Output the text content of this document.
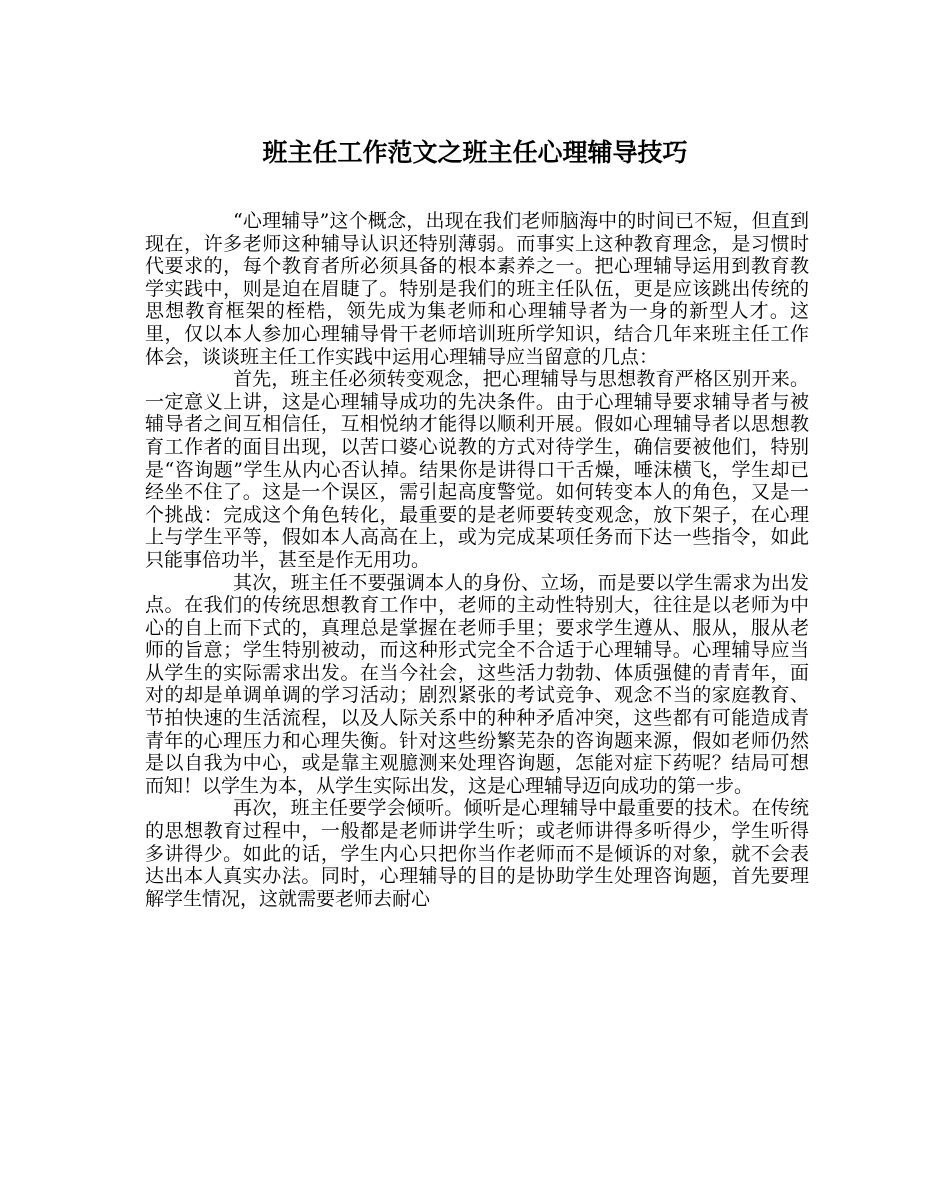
班主任工作范文之班主任心理辅导技巧

“心理辅导”这个概念，出现在我们老师脑海中的时间已不短，但直到现在，许多老师这种辅导认识还特别薄弱。而事实上这种教育理念，是习惯时代要求的，每个教育者所必须具备的根本素养之一。把心理辅导运用到教育教学实践中，则是迫在眉睫了。特别是我们的班主任队伍，更是应该跳出传统的思想教育框架的桎梏，领先成为集老师和心理辅导者为一身的新型人才。这里，仅以本人参加心理辅导骨干老师培训班所学知识，结合几年来班主任工作体会，谈谈班主任工作实践中运用心理辅导应当留意的几点：

首先，班主任必须转变观念，把心理辅导与思想教育严格区别开来。一定意义上讲，这是心理辅导成功的先决条件。由于心理辅导要求辅导者与被辅导者之间互相信任，互相悦纳才能得以顺利开展。假如心理辅导者以思想教育工作者的面目出现，以苦口婆心说教的方式对待学生，确信要被他们，特别是“咨询题”学生从内心否认掉。结果你是讲得口干舌燥，唾沫横飞，学生却已经坐不住了。这是一个误区，需引起高度警觉。如何转变本人的角色，又是一个挑战：完成这个角色转化，最重要的是老师要转变观念，放下架子，在心理上与学生平等，假如本人高高在上，或为完成某项任务而下达一些指令，如此只能事倍功半，甚至是作无用功。

其次，班主任不要强调本人的身份、立场，而是要以学生需求为出发点。在我们的传统思想教育工作中，老师的主动性特别大，往往是以老师为中心的自上而下式的，真理总是掌握在老师手里；要求学生遵从、服从，服从老师的旨意；学生特别被动，而这种形式完全不合适于心理辅导。心理辅导应当从学生的实际需求出发。在当今社会，这些活力勃勃、体质强健的青青年，面对的却是单调单调的学习活动；剧烈紧张的考试竞争、观念不当的家庭教育、节拍快速的生活流程，以及人际关系中的种种矛盾冲突，这些都有可能造成青青年的心理压力和心理失衡。针对这些纷繁芜杂的咨询题来源，假如老师仍然是以自我为中心，或是靠主观臆测来处理咨询题，怎能对症下药呢？结局可想而知！以学生为本，从学生实际出发，这是心理辅导迈向成功的第一步。

再次，班主任要学会倾听。倾听是心理辅导中最重要的技术。在传统的思想教育过程中，一般都是老师讲学生听；或老师讲得多听得少，学生听得多讲得少。如此的话，学生内心只把你当作老师而不是倾诉的对象，就不会表达出本人真实办法。同时，心理辅导的目的是协助学生处理咨询题，首先要理解学生情况，这就需要老师去耐心
